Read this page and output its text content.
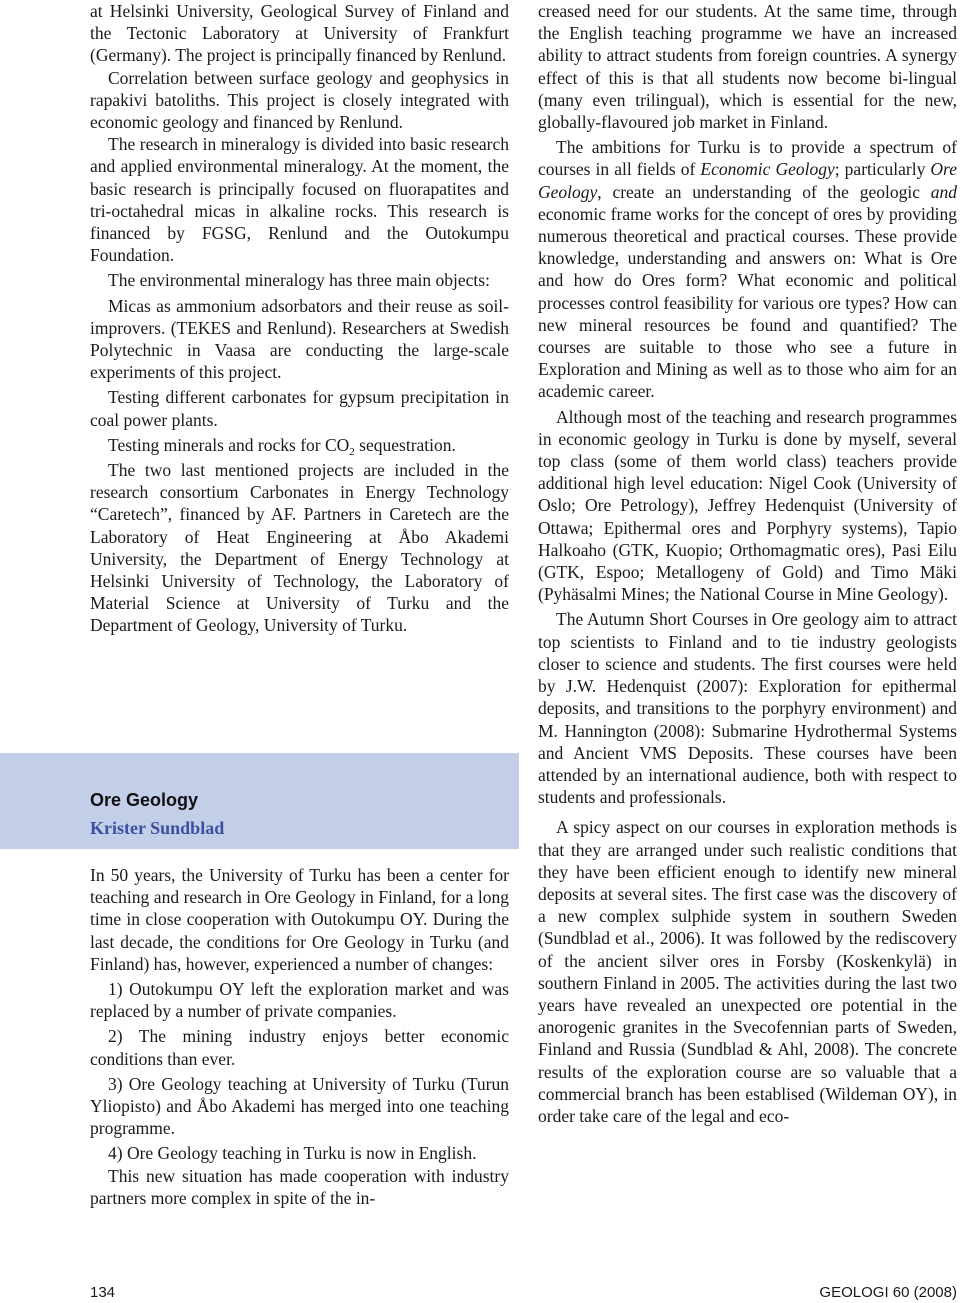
at Helsinki University, Geological Survey of Finland and the Tectonic Laboratory at University of Frankfurt (Germany). The project is principally financed by Renlund.

Correlation between surface geology and geophysics in rapakivi batoliths. This project is closely integrated with economic geology and financed by Renlund.

The research in mineralogy is divided into basic research and applied environmental mineralogy. At the moment, the basic research is principally focused on fluorapatites and tri-octahedral micas in alkaline rocks. This research is financed by FGSG, Renlund and the Outokumpu Foundation.

The environmental mineralogy has three main objects:

Micas as ammonium adsorbators and their reuse as soil-improvers. (TEKES and Renlund). Researchers at Swedish Polytechnic in Vaasa are conducting the large-scale experiments of this project.

Testing different carbonates for gypsum precipitation in coal power plants.

Testing minerals and rocks for $CO_2$ sequestration.

The two last mentioned projects are included in the research consortium Carbonates in Energy Technology “Caretech”, financed by AF. Partners in Caretech are the Laboratory of Heat Engineering at Åbo Akademi University, the Department of Energy Technology at Helsinki University of Technology, the Laboratory of Material Science at University of Turku and the Department of Geology, University of Turku.

Ore Geology
Krister Sundblad

In 50 years, the University of Turku has been a center for teaching and research in Ore Geology in Finland, for a long time in close cooperation with Outokumpu OY. During the last decade, the conditions for Ore Geology in Turku (and Finland) has, however, experienced a number of changes:

1) Outokumpu OY left the exploration market and was replaced by a number of private companies.

2) The mining industry enjoys better economic conditions than ever.

3) Ore Geology teaching at University of Turku (Turun Yliopisto) and Åbo Akademi has merged into one teaching programme.

4) Ore Geology teaching in Turku is now in English.

This new situation has made cooperation with industry partners more complex in spite of the in-

creased need for our students. At the same time, through the English teaching programme we have an increased ability to attract students from foreign countries. A synergy effect of this is that all students now become bi-lingual (many even trilingual), which is essential for the new, globally-flavoured job market in Finland.

The ambitions for Turku is to provide a spectrum of courses in all fields of Economic Geology; particularly Ore Geology, create an understanding of the geologic and economic frame works for the concept of ores by providing numerous theoretical and practical courses. These provide knowledge, understanding and answers on: What is Ore and how do Ores form? What economic and political processes control feasibility for various ore types? How can new mineral resources be found and quantified? The courses are suitable to those who see a future in Exploration and Mining as well as to those who aim for an academic career.

Although most of the teaching and research programmes in economic geology in Turku is done by myself, several top class (some of them world class) teachers provide additional high level education: Nigel Cook (University of Oslo; Ore Petrology), Jeffrey Hedenquist (University of Ottawa; Epithermal ores and Porphyry systems), Tapio Halkoaho (GTK, Kuopio; Orthomagmatic ores), Pasi Eilu (GTK, Espoo; Metallogeny of Gold) and Timo Mäki (Pyhäsalmi Mines; the National Course in Mine Geology).

The Autumn Short Courses in Ore geology aim to attract top scientists to Finland and to tie industry geologists closer to science and students. The first courses were held by J.W. Hedenquist (2007): Exploration for epithermal deposits, and transitions to the porphyry environment) and M. Hannington (2008): Submarine Hydrothermal Systems and Ancient VMS Deposits. These courses have been attended by an international audience, both with respect to students and professionals.

A spicy aspect on our courses in exploration methods is that they are arranged under such realistic conditions that they have been efficient enough to identify new mineral deposits at several sites. The first case was the discovery of a new complex sulphide system in southern Sweden (Sundblad et al., 2006). It was followed by the rediscovery of the ancient silver ores in Forsby (Koskenkylä) in southern Finland in 2005. The activities during the last two years have revealed an unexpected ore potential in the anorogenic granites in the Svecofennian parts of Sweden, Finland and Russia (Sundblad & Ahl, 2008). The concrete results of the exploration course are so valuable that a commercial branch has been establised (Wildeman OY), in order take care of the legal and eco-

134	GEOLOGI 60 (2008)
